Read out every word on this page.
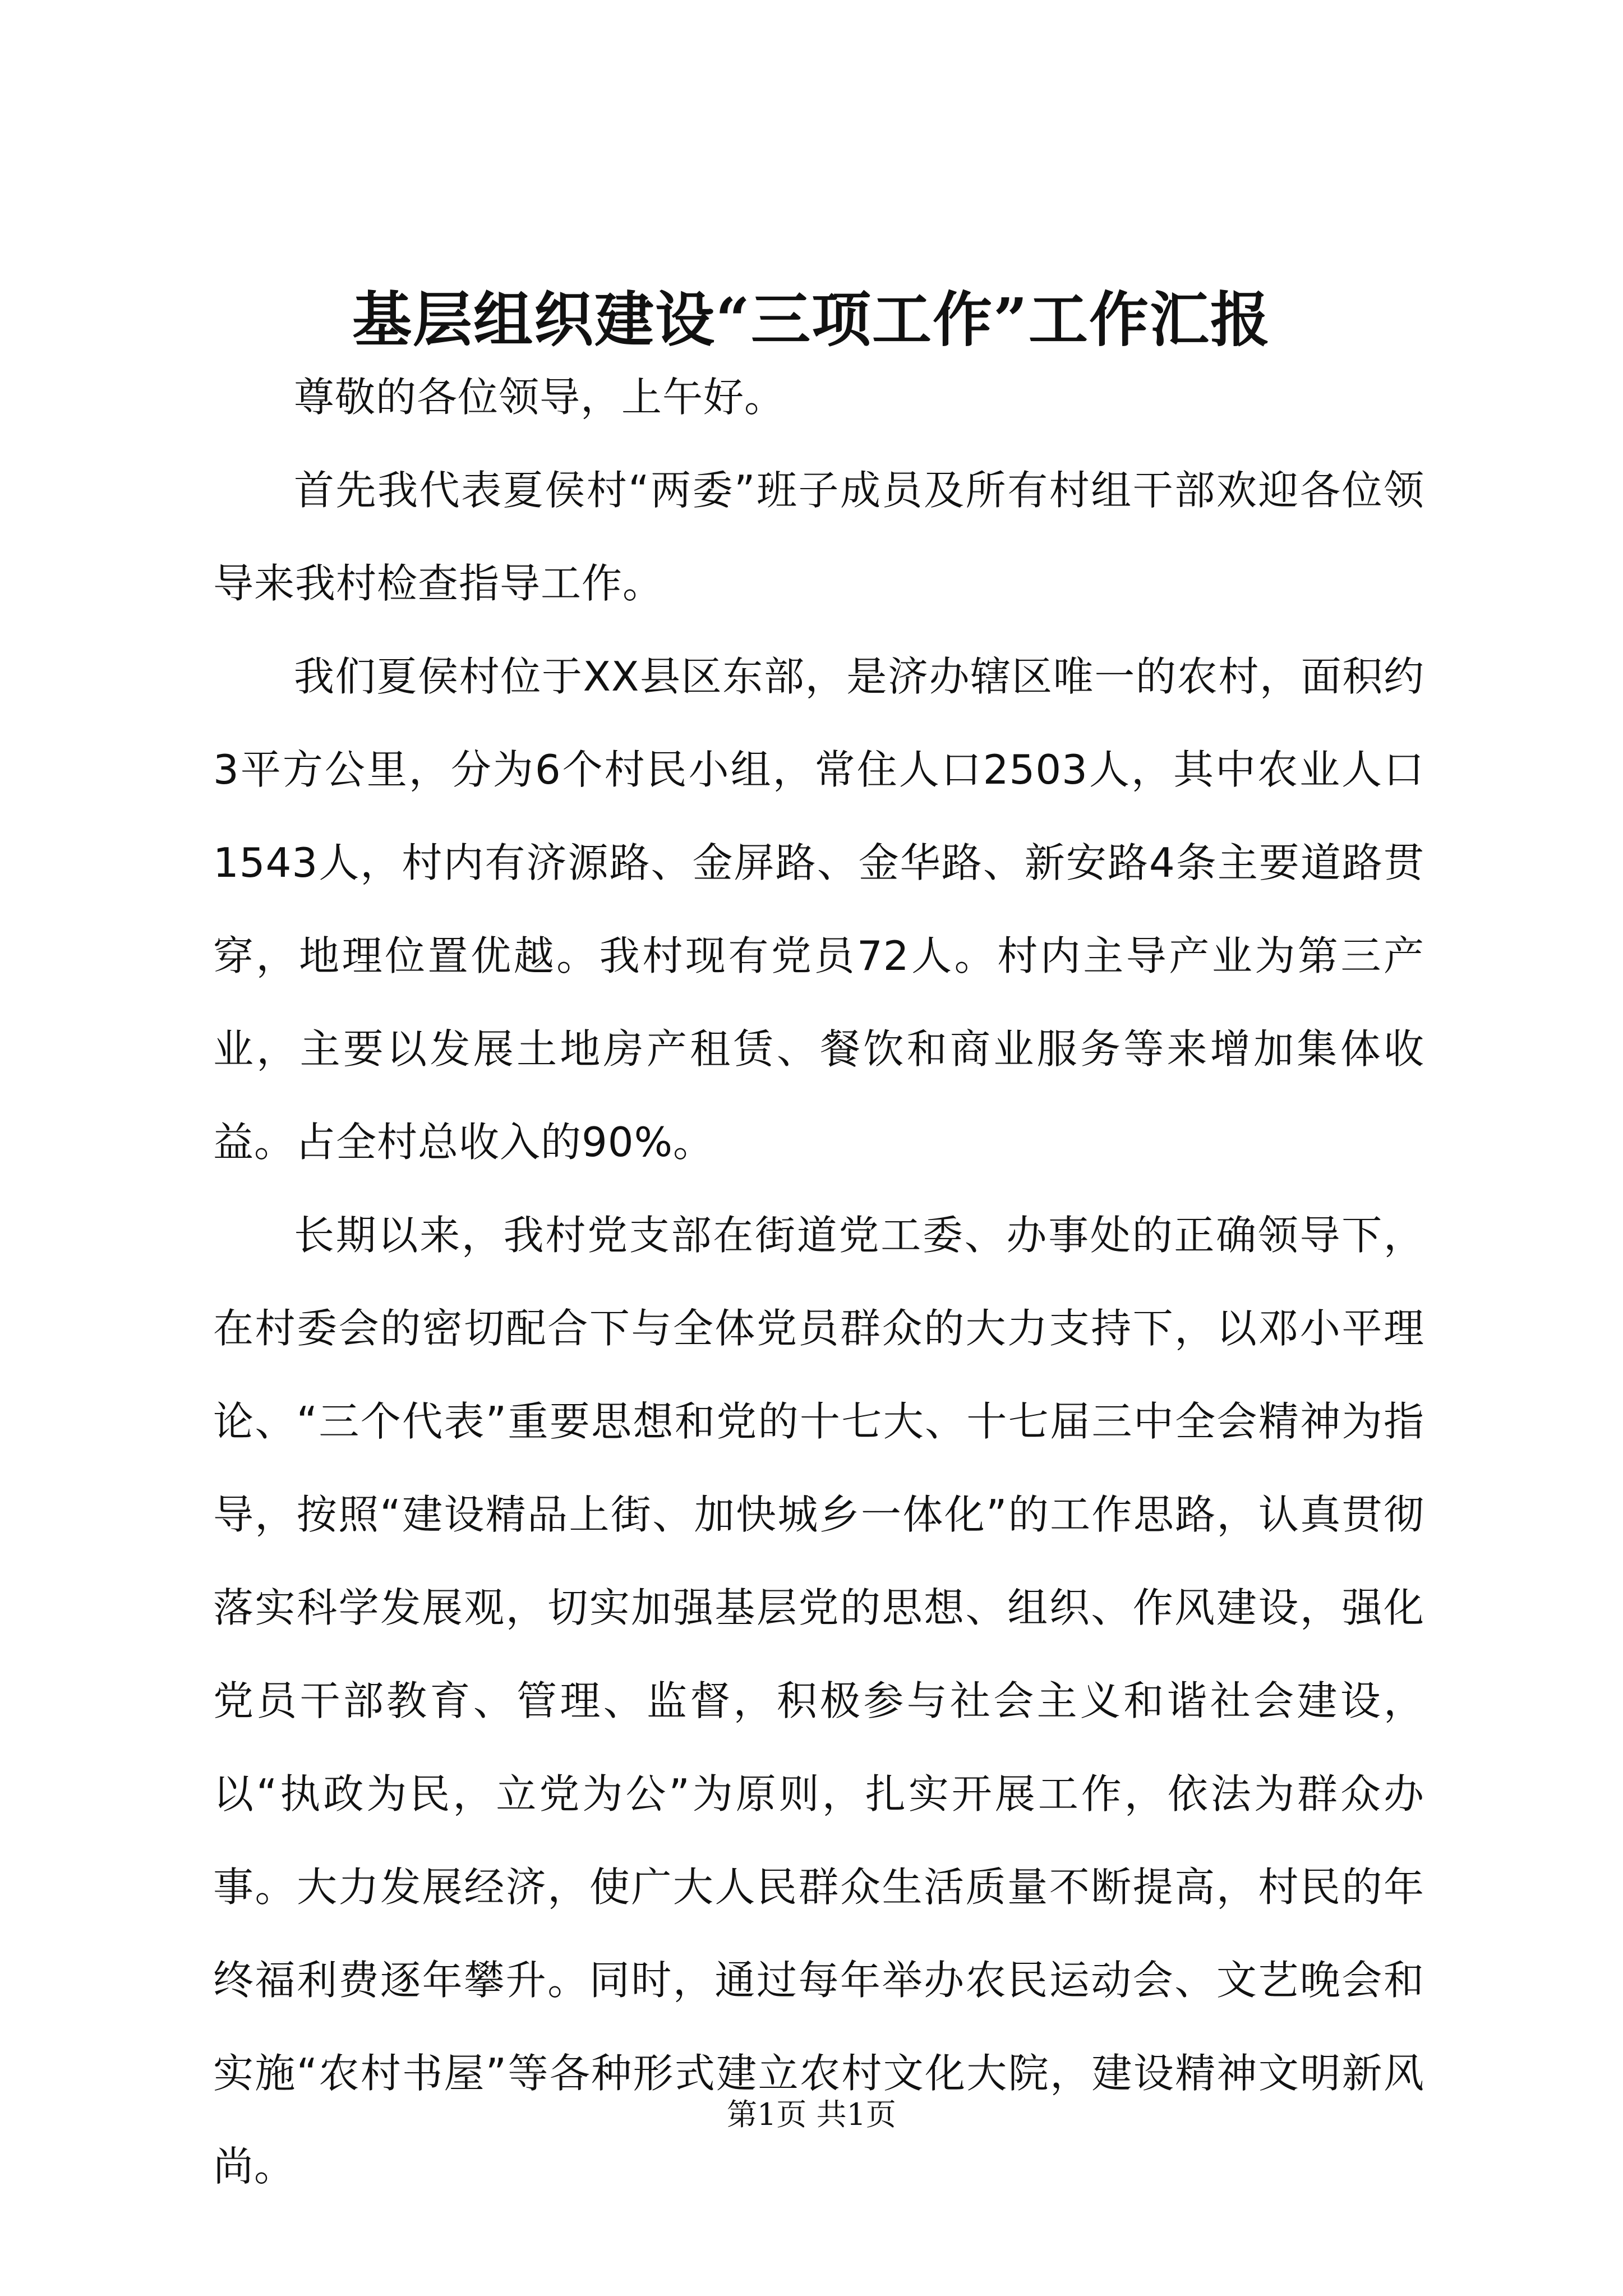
基层组织建设“三项工作”工作汇报

尊敬的各位领导，上午好。

首先我代表夏侯村“两委”班子成员及所有村组干部欢迎各位领导来我村检查指导工作。

我们夏侯村位于XX县区东部，是济办辖区唯一的农村，面积约3平方公里，分为6个村民小组，常住人口2503人，其中农业人口1543人，村内有济源路、金屏路、金华路、新安路4条主要道路贯穿，地理位置优越。我村现有党员72人。村内主导产业为第三产业，主要以发展土地房产租赁、餐饮和商业服务等来增加集体收益。占全村总收入的90%。

长期以来，我村党支部在街道党工委、办事处的正确领导下，在村委会的密切配合下与全体党员群众的大力支持下，以邓小平理论、“三个代表”重要思想和党的十七大、十七届三中全会精神为指导，按照“建设精品上街、加快城乡一体化”的工作思路，认真贯彻落实科学发展观，切实加强基层党的思想、组织、作风建设，强化党员干部教育、管理、监督，积极参与社会主义和谐社会建设，以“执政为民，立党为公”为原则，扎实开展工作，依法为群众办事。大力发展经济，使广大人民群众生活质量不断提高，村民的年终福利费逐年攀升。同时，通过每年举办农民运动会、文艺晚会和实施“农村书屋”等各种形式建立农村文化大院，建设精神文明新风尚。

第1页 共1页
